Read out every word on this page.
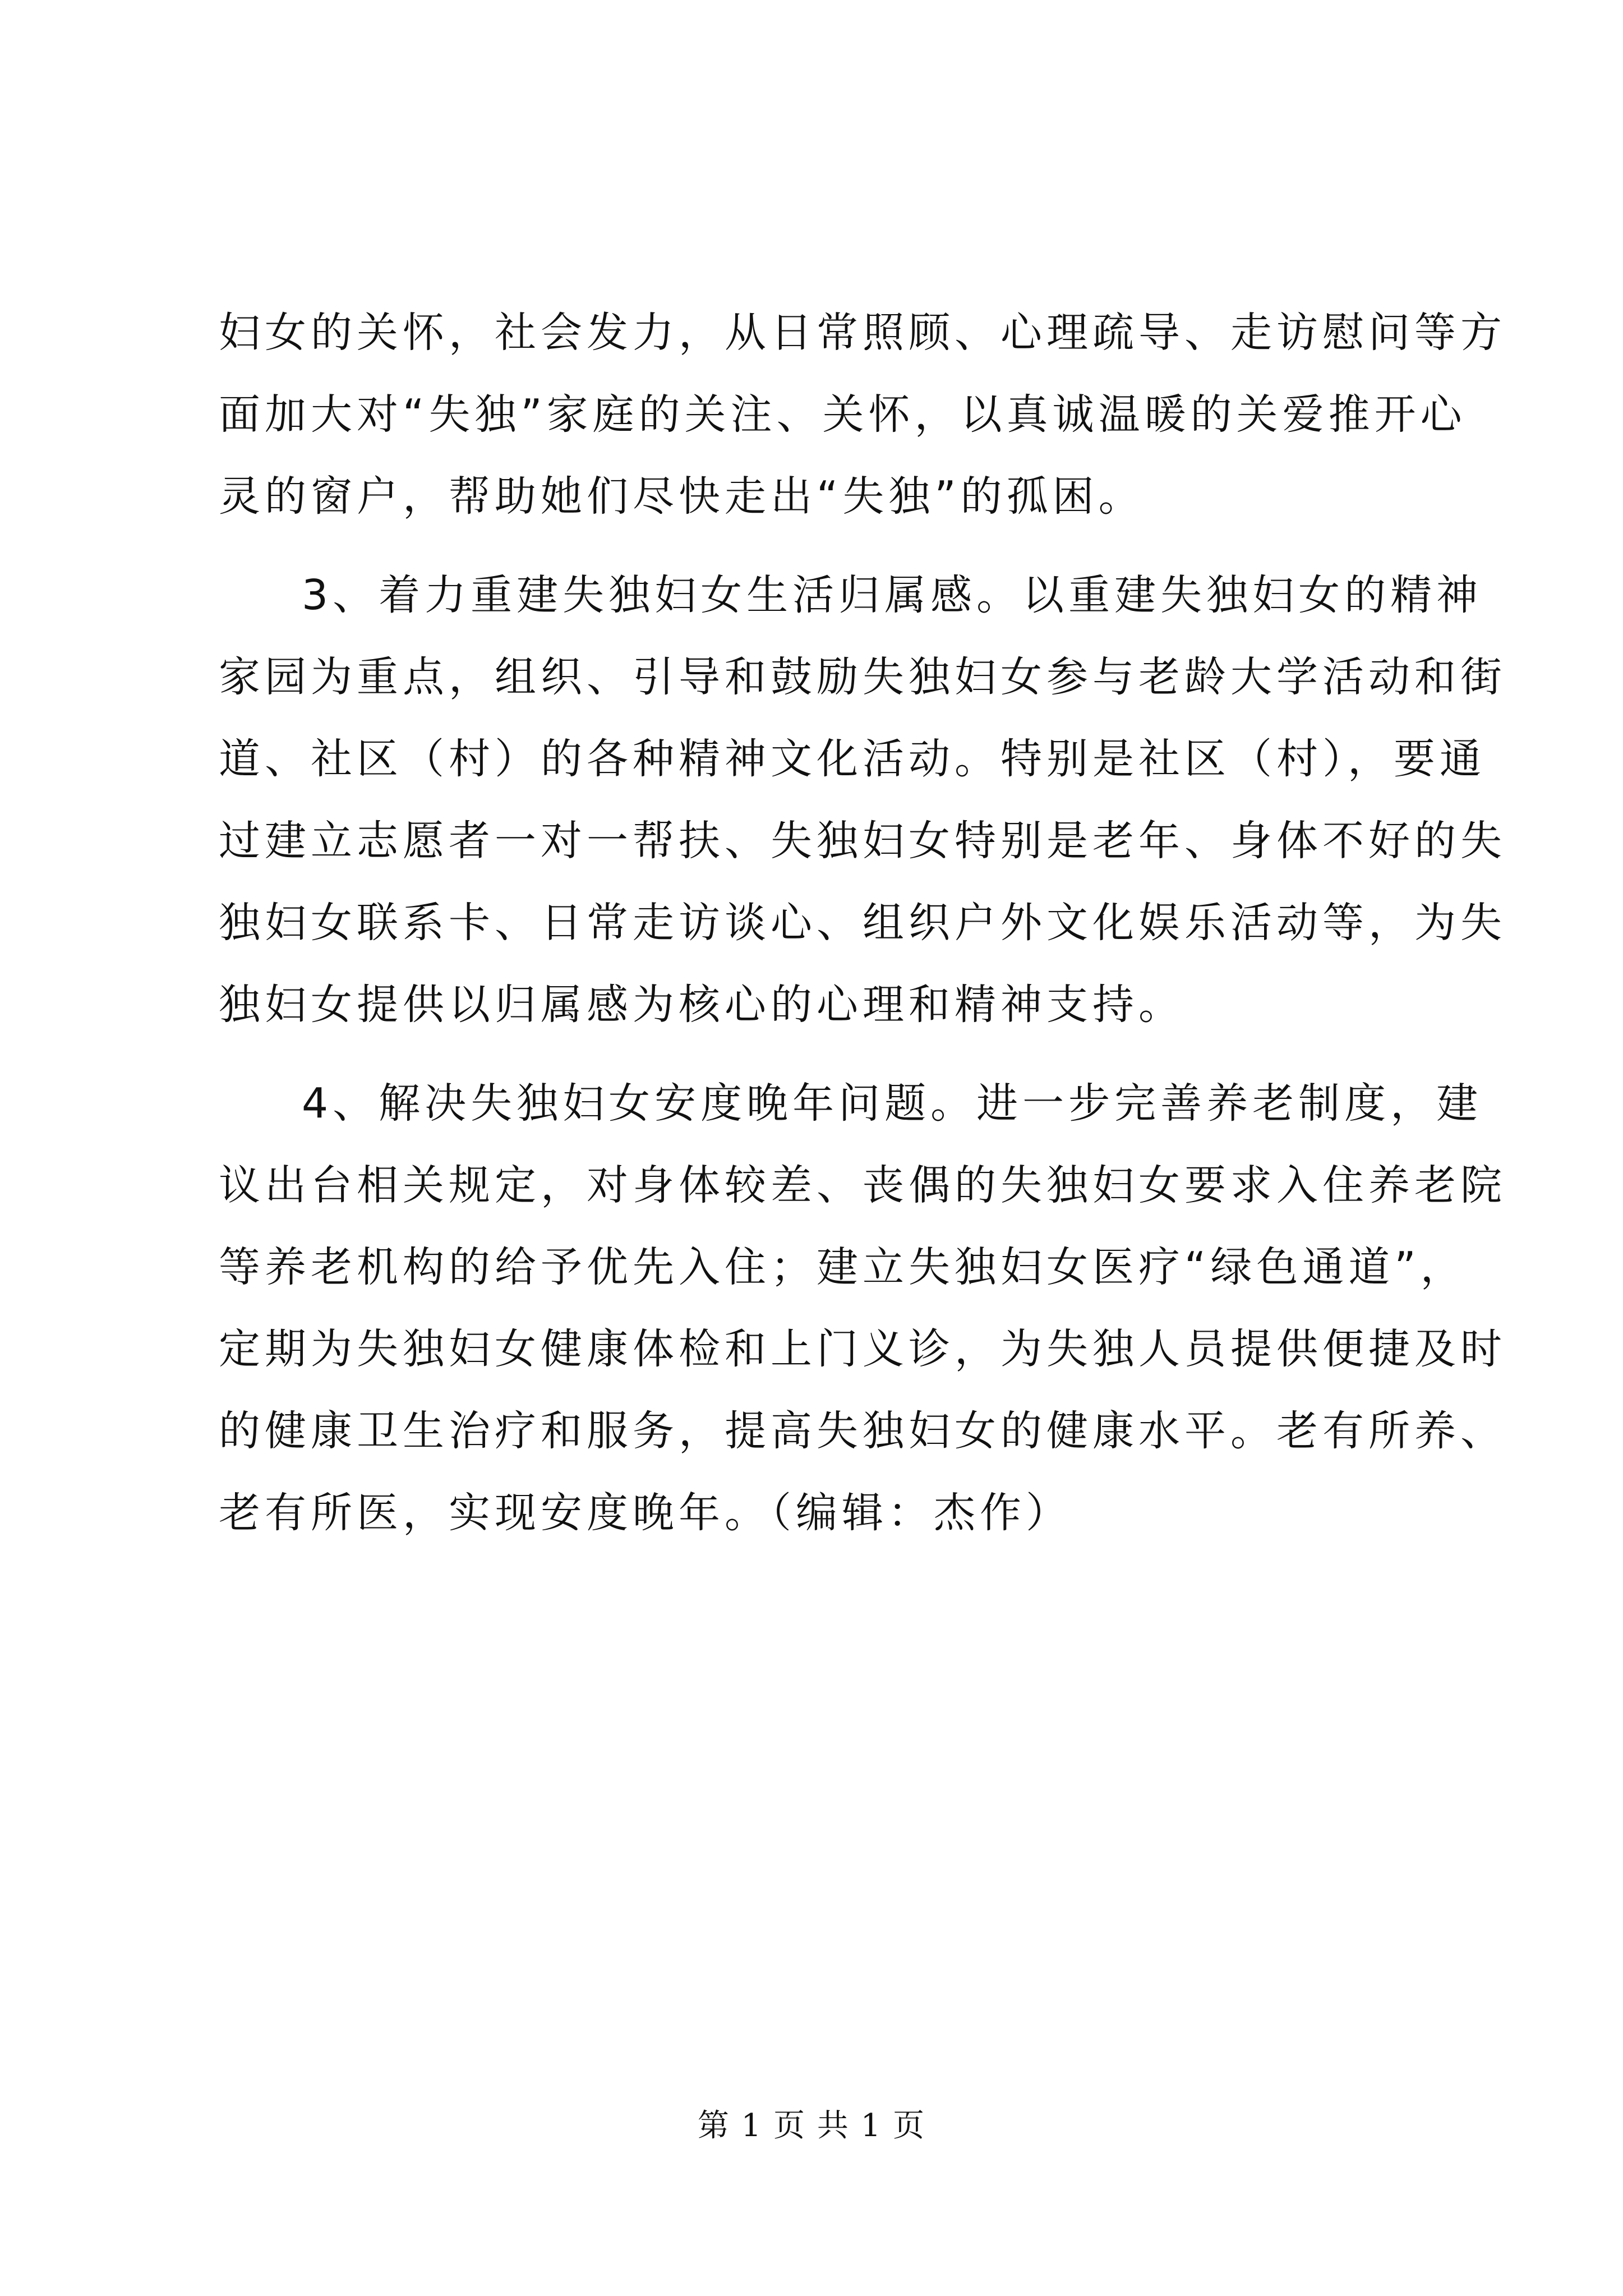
妇女的关怀，社会发力，从日常照顾、心理疏导、走访慰问等方
面加大对“失独”家庭的关注、关怀，以真诚温暖的关爱推开心
灵的窗户，帮助她们尽快走出“失独”的孤困。
3、着力重建失独妇女生活归属感。以重建失独妇女的精神
家园为重点，组织、引导和鼓励失独妇女参与老龄大学活动和街
道、社区（村）的各种精神文化活动。特别是社区（村），要通
过建立志愿者一对一帮扶、失独妇女特别是老年、身体不好的失
独妇女联系卡、日常走访谈心、组织户外文化娱乐活动等，为失
独妇女提供以归属感为核心的心理和精神支持。
4、解决失独妇女安度晚年问题。进一步完善养老制度，建
议出台相关规定，对身体较差、丧偶的失独妇女要求入住养老院
等养老机构的给予优先入住；建立失独妇女医疗“绿色通道”，
定期为失独妇女健康体检和上门义诊，为失独人员提供便捷及时
的健康卫生治疗和服务，提高失独妇女的健康水平。老有所养、
老有所医，实现安度晚年。（编辑：杰作）
第 1 页 共 1 页
